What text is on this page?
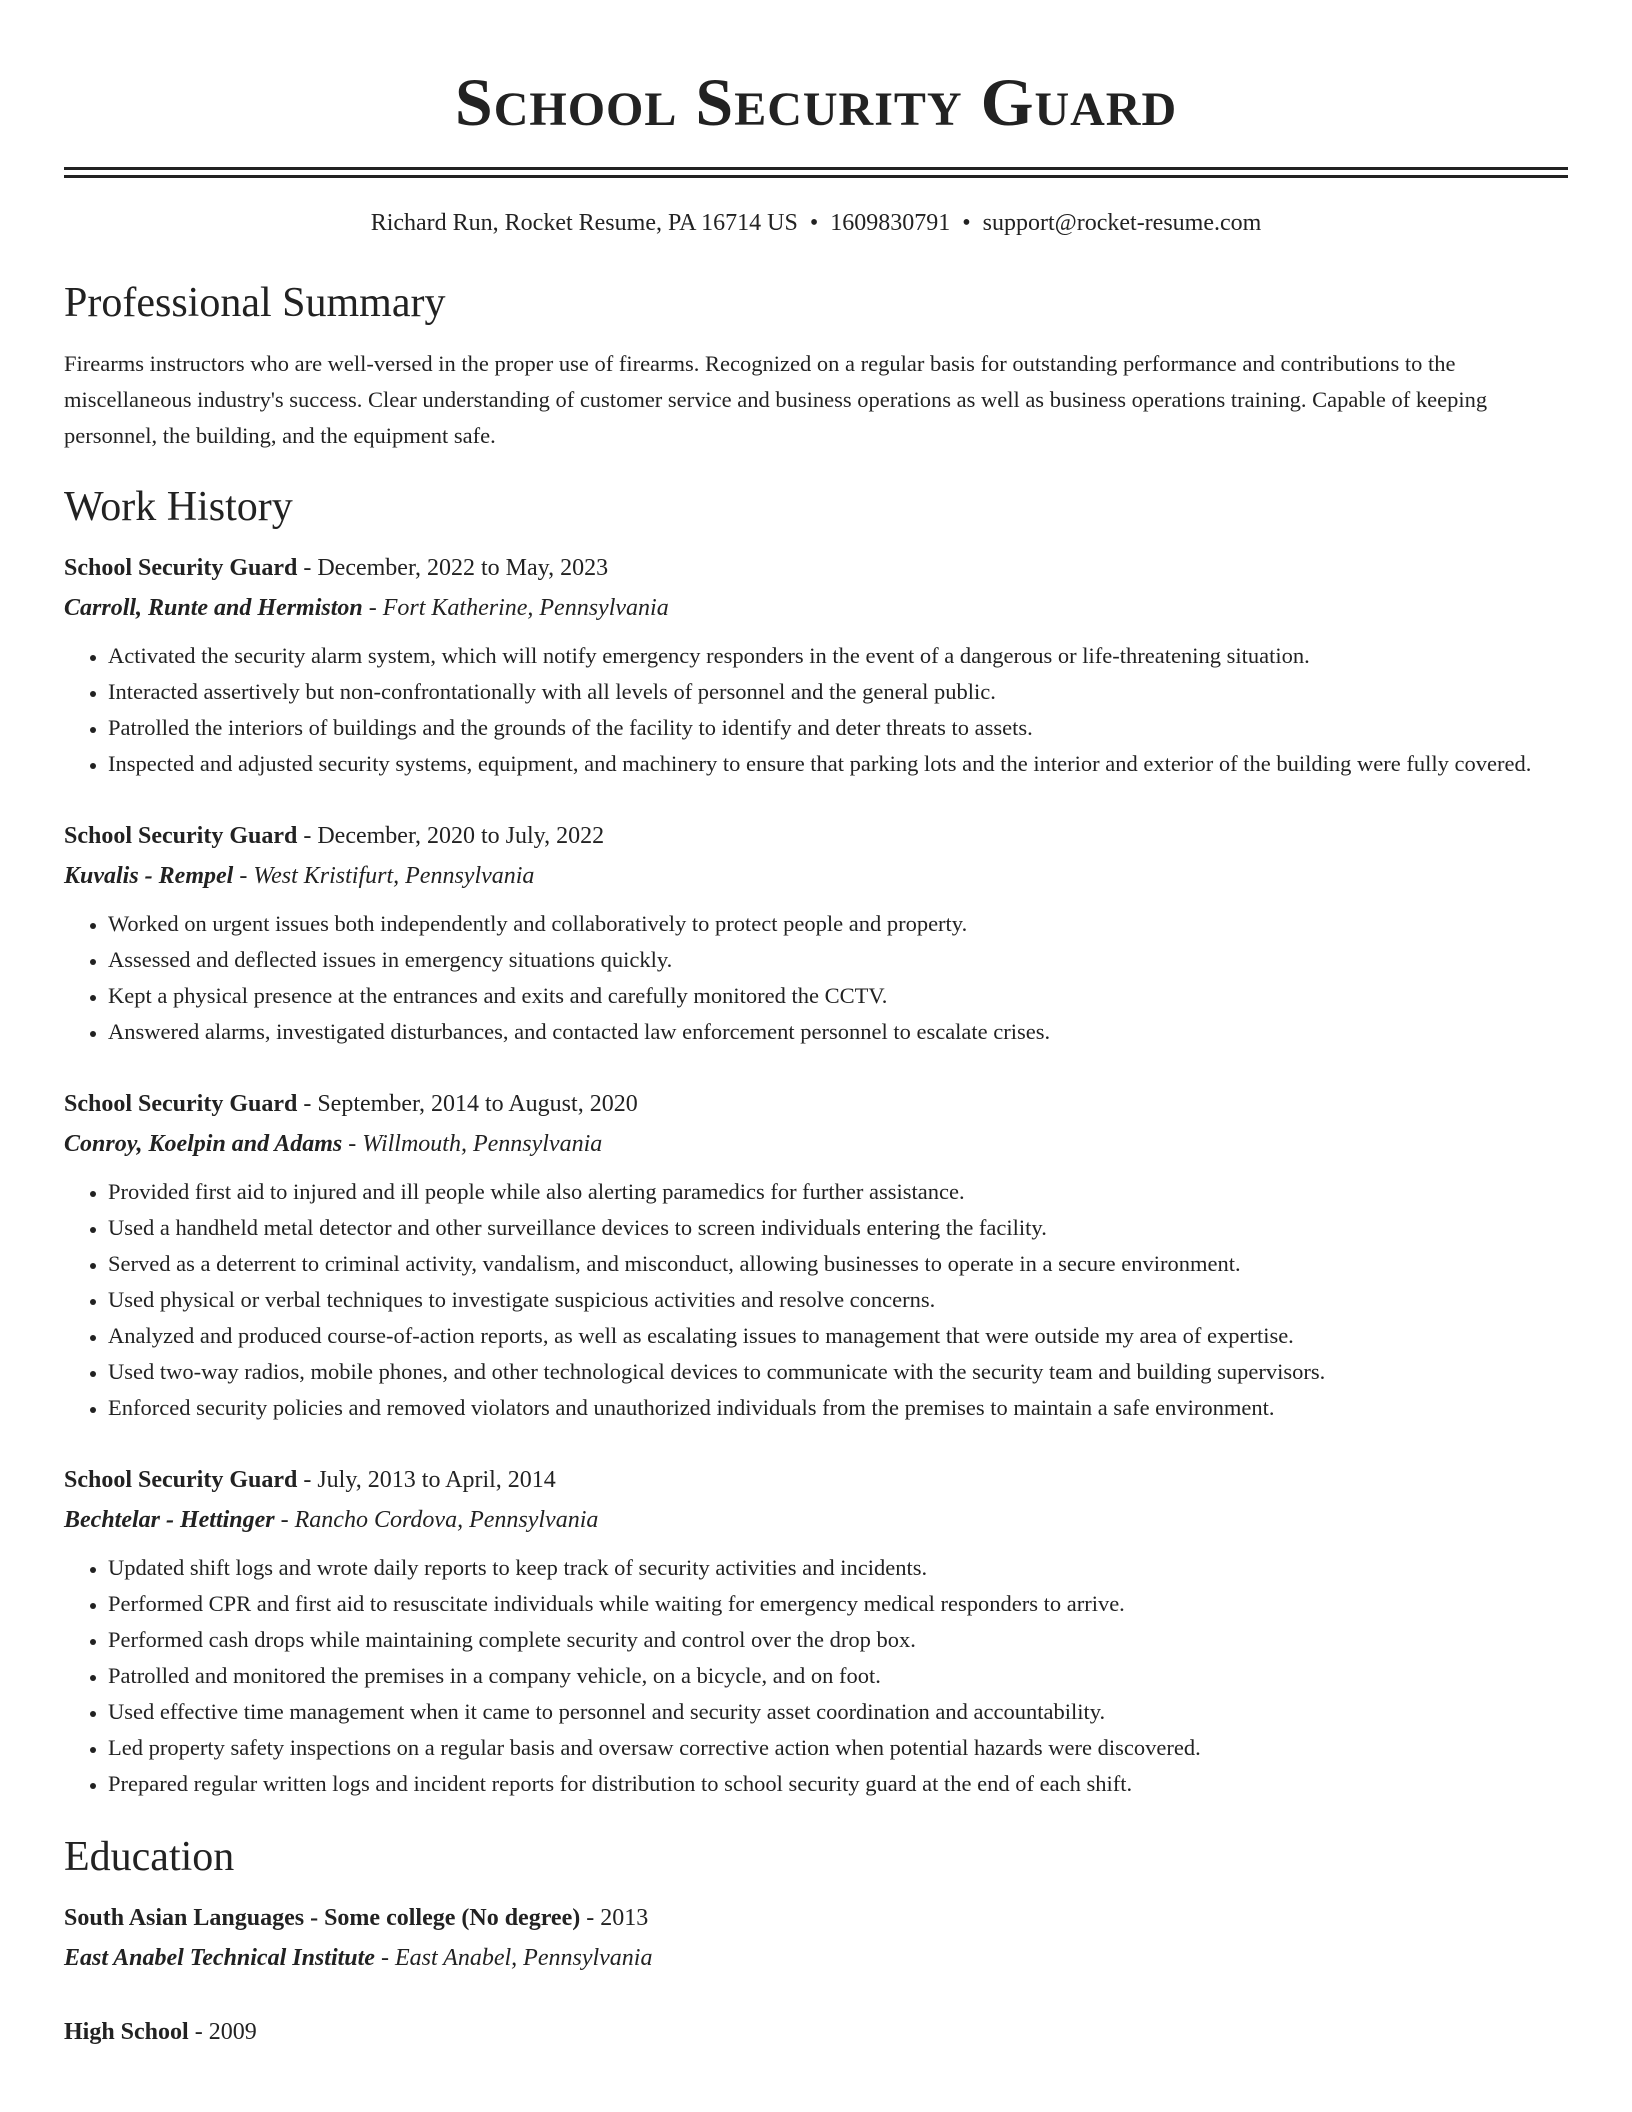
School Security Guard
Richard Run, Rocket Resume, PA 16714 US • 1609830791 • support@rocket-resume.com
Professional Summary
Firearms instructors who are well-versed in the proper use of firearms. Recognized on a regular basis for outstanding performance and contributions to the miscellaneous industry's success. Clear understanding of customer service and business operations as well as business operations training. Capable of keeping personnel, the building, and the equipment safe.
Work History
School Security Guard - December, 2022 to May, 2023
Carroll, Runte and Hermiston - Fort Katherine, Pennsylvania
• Activated the security alarm system, which will notify emergency responders in the event of a dangerous or life-threatening situation.
• Interacted assertively but non-confrontationally with all levels of personnel and the general public.
• Patrolled the interiors of buildings and the grounds of the facility to identify and deter threats to assets.
• Inspected and adjusted security systems, equipment, and machinery to ensure that parking lots and the interior and exterior of the building were fully covered.
School Security Guard - December, 2020 to July, 2022
Kuvalis - Rempel - West Kristifurt, Pennsylvania
• Worked on urgent issues both independently and collaboratively to protect people and property.
• Assessed and deflected issues in emergency situations quickly.
• Kept a physical presence at the entrances and exits and carefully monitored the CCTV.
• Answered alarms, investigated disturbances, and contacted law enforcement personnel to escalate crises.
School Security Guard - September, 2014 to August, 2020
Conroy, Koelpin and Adams - Willmouth, Pennsylvania
• Provided first aid to injured and ill people while also alerting paramedics for further assistance.
• Used a handheld metal detector and other surveillance devices to screen individuals entering the facility.
• Served as a deterrent to criminal activity, vandalism, and misconduct, allowing businesses to operate in a secure environment.
• Used physical or verbal techniques to investigate suspicious activities and resolve concerns.
• Analyzed and produced course-of-action reports, as well as escalating issues to management that were outside my area of expertise.
• Used two-way radios, mobile phones, and other technological devices to communicate with the security team and building supervisors.
• Enforced security policies and removed violators and unauthorized individuals from the premises to maintain a safe environment.
School Security Guard - July, 2013 to April, 2014
Bechtelar - Hettinger - Rancho Cordova, Pennsylvania
• Updated shift logs and wrote daily reports to keep track of security activities and incidents.
• Performed CPR and first aid to resuscitate individuals while waiting for emergency medical responders to arrive.
• Performed cash drops while maintaining complete security and control over the drop box.
• Patrolled and monitored the premises in a company vehicle, on a bicycle, and on foot.
• Used effective time management when it came to personnel and security asset coordination and accountability.
• Led property safety inspections on a regular basis and oversaw corrective action when potential hazards were discovered.
• Prepared regular written logs and incident reports for distribution to school security guard at the end of each shift.
Education
South Asian Languages - Some college (No degree) - 2013
East Anabel Technical Institute - East Anabel, Pennsylvania
High School - 2009
